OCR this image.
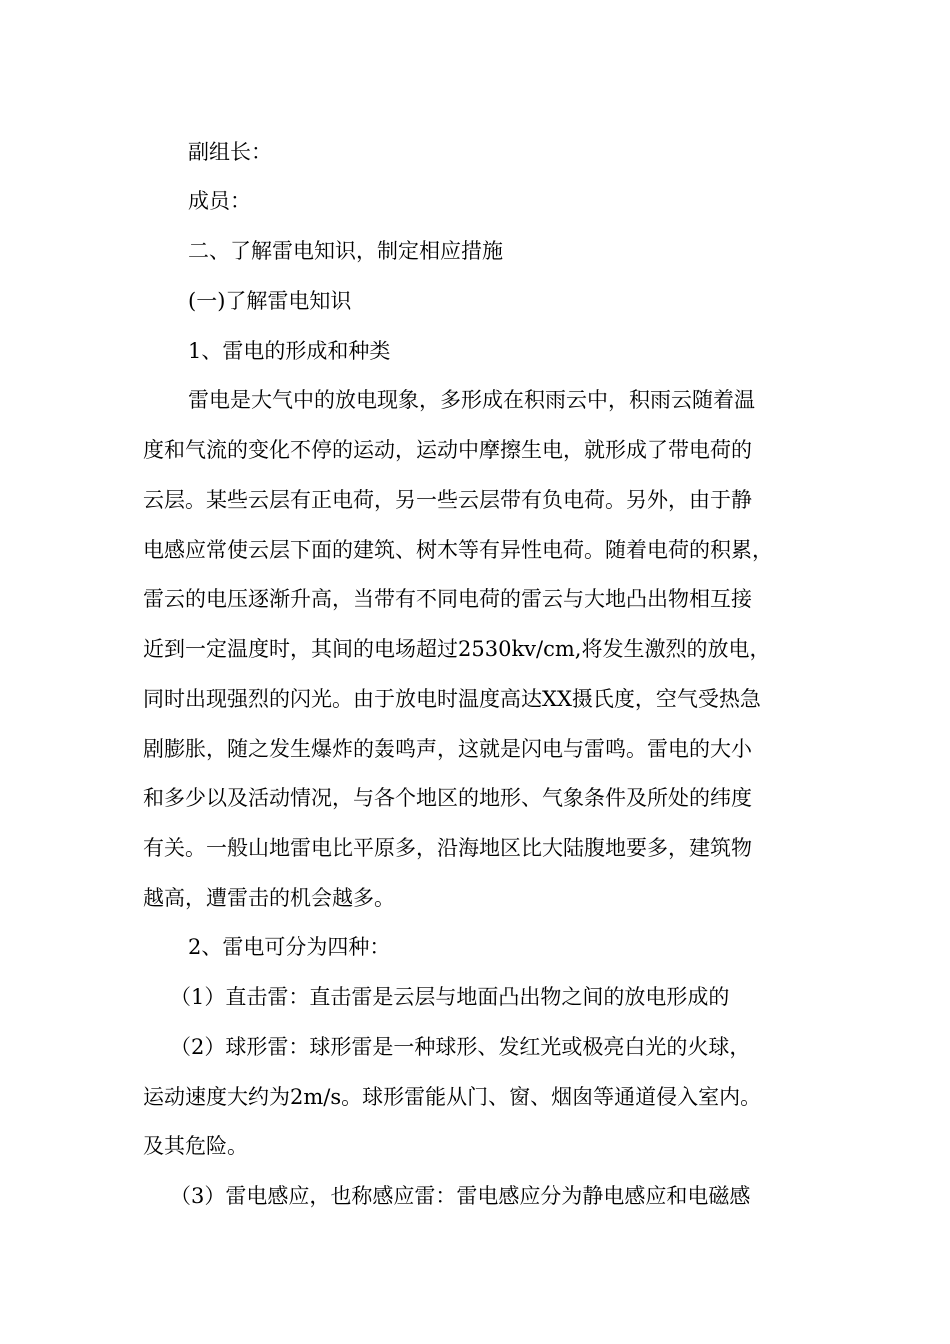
副组长：
成员：
二、了解雷电知识，制定相应措施
(一)了解雷电知识
1、雷电的形成和种类
雷电是大气中的放电现象，多形成在积雨云中，积雨云随着温
度和气流的变化不停的运动，运动中摩擦生电，就形成了带电荷的
云层。某些云层有正电荷，另一些云层带有负电荷。另外，由于静
电感应常使云层下面的建筑、树木等有异性电荷。随着电荷的积累，
雷云的电压逐渐升高，当带有不同电荷的雷云与大地凸出物相互接
近到一定温度时，其间的电场超过2530kv/cm,将发生激烈的放电，
同时出现强烈的闪光。由于放电时温度高达XX摄氏度，空气受热急
剧膨胀，随之发生爆炸的轰鸣声，这就是闪电与雷鸣。雷电的大小
和多少以及活动情况，与各个地区的地形、气象条件及所处的纬度
有关。一般山地雷电比平原多，沿海地区比大陆腹地要多，建筑物
越高，遭雷击的机会越多。
2、雷电可分为四种：
（1）直击雷：直击雷是云层与地面凸出物之间的放电形成的
（2）球形雷：球形雷是一种球形、发红光或极亮白光的火球，
运动速度大约为2m/s。球形雷能从门、窗、烟囱等通道侵入室内。
及其危险。
（3）雷电感应，也称感应雷：雷电感应分为静电感应和电磁感
